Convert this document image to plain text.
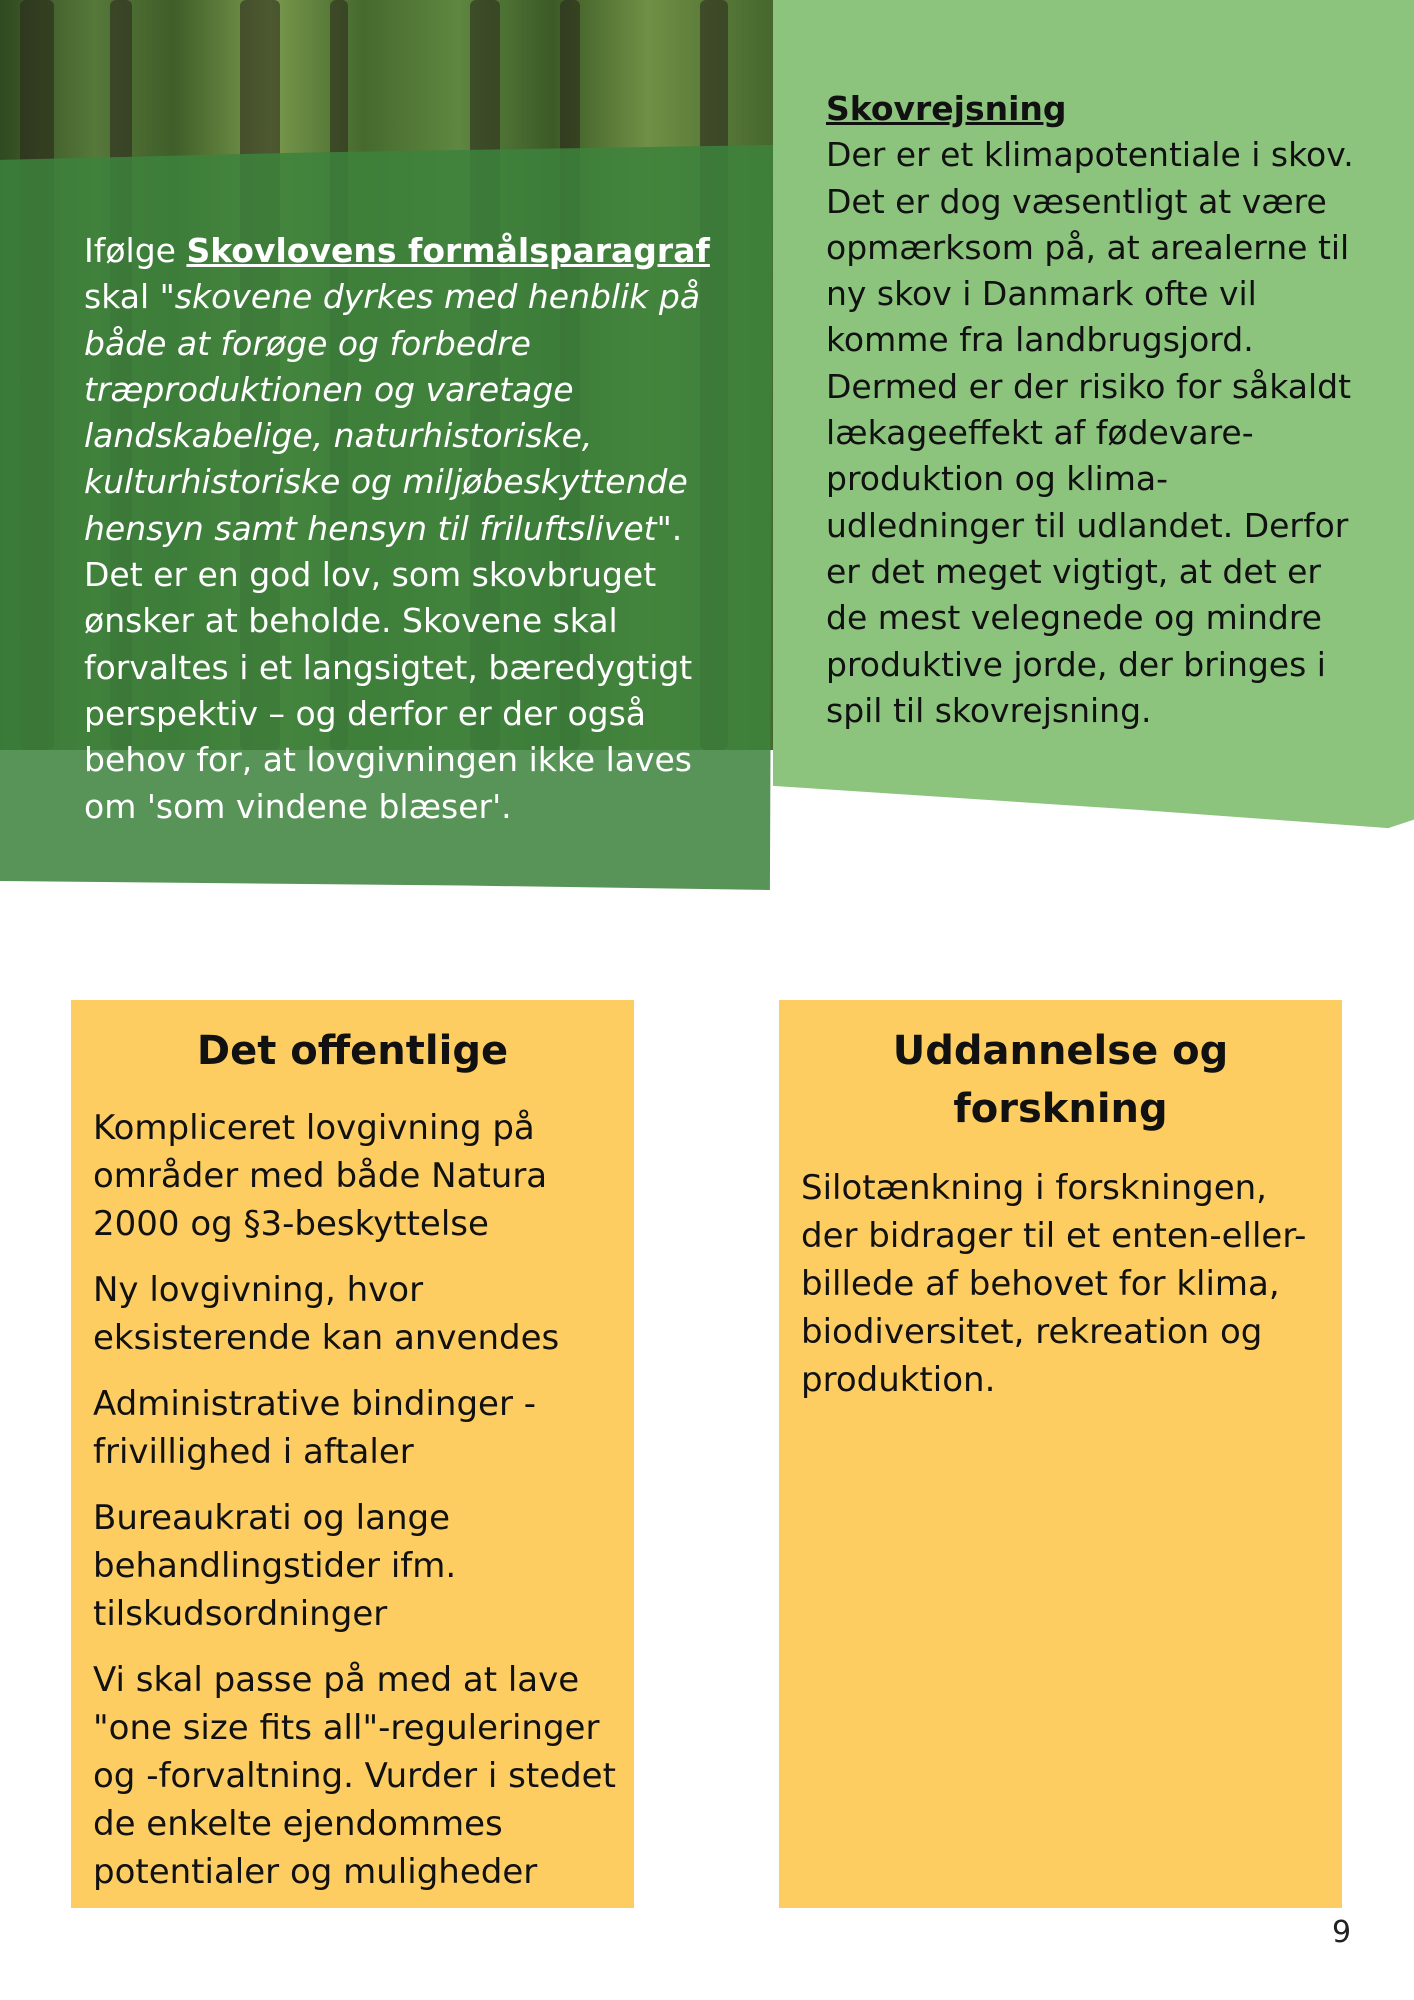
Ifølge Skovlovens formålsparagraf skal "skovene dyrkes med henblik på både at forøge og forbedre træproduktionen og varetage landskabelige, naturhistoriske, kulturhistoriske og miljøbeskyttende hensyn samt hensyn til friluftslivet". Det er en god lov, som skovbruget ønsker at beholde. Skovene skal forvaltes i et langsigtet, bæredygtigt perspektiv – og derfor er der også behov for, at lovgivningen ikke laves om 'som vindene blæser'.
Skovrejsning
Der er et klimapotentiale i skov. Det er dog væsentligt at være opmærksom på, at arealerne til ny skov i Danmark ofte vil komme fra landbrugsjord. Dermed er der risiko for såkaldt lækageeffekt af fødevare-produktion og klima-udledninger til udlandet. Derfor er det meget vigtigt, at det er de mest velegnede og mindre produktive jorde, der bringes i spil til skovrejsning.
Det offentlige

Kompliceret lovgivning på områder med både Natura 2000 og §3-beskyttelse

Ny lovgivning, hvor eksisterende kan anvendes

Administrative bindinger - frivillighed i aftaler

Bureaukrati og lange behandlingstider ifm. tilskudsordninger

Vi skal passe på med at lave "one size fits all"-reguleringer og -forvaltning. Vurder i stedet de enkelte ejendommes potentialer og muligheder

Uddannelse og forskning

Silotænkning i forskningen, der bidrager til et enten-eller-billede af behovet for klima, biodiversitet, rekreation og produktion.

9
